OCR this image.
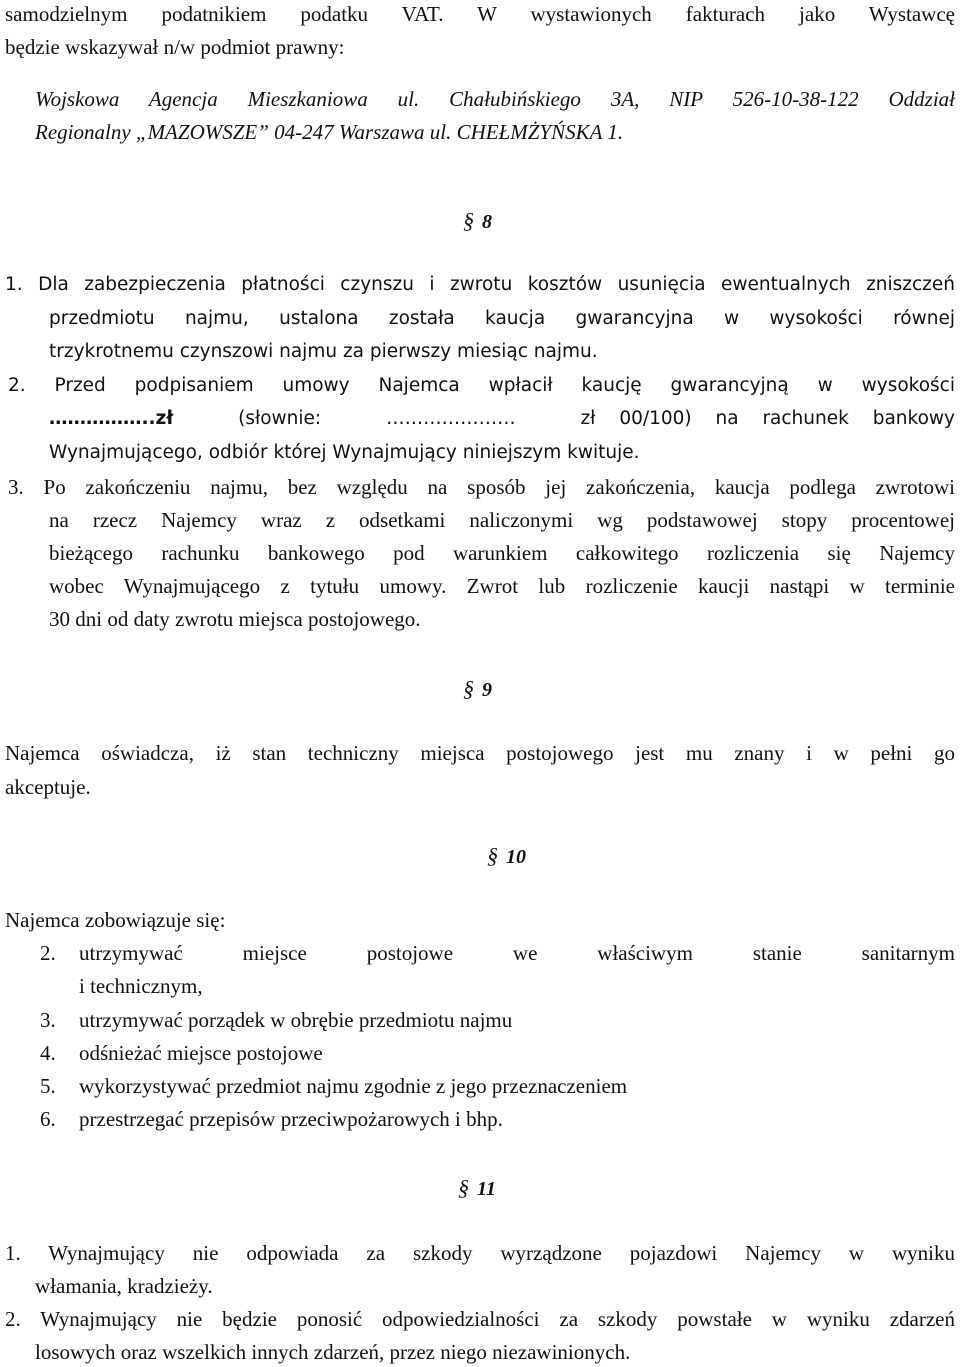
samodzielnym podatnikiem podatku VAT. W wystawionych fakturach jako Wystawcę
będzie wskazywał n/w podmiot prawny:
Wojskowa Agencja Mieszkaniowa ul. Chałubińskiego 3A, NIP 526-10-38-122 Oddział
Regionalny „MAZOWSZE” 04-247 Warszawa ul. CHEŁMŻYŃSKA 1.
§ 8
1. Dla zabezpieczenia płatności czynszu i zwrotu kosztów usunięcia ewentualnych zniszczeń
przedmiotu najmu, ustalona została kaucja gwarancyjna w wysokości równej
trzykrotnemu czynszowi najmu za pierwszy miesiąc najmu.
2. Przed podpisaniem umowy Najemca wpłacił kaucję gwarancyjną w wysokości
……………..zł	(słownie:	…………………	zł 00/100) na rachunek bankowy
Wynajmującego, odbiór której Wynajmujący niniejszym kwituje.
3. Po zakończeniu najmu, bez względu na sposób jej zakończenia, kaucja podlega zwrotowi
na rzecz Najemcy wraz z odsetkami naliczonymi wg podstawowej stopy procentowej
bieżącego rachunku bankowego pod warunkiem całkowitego rozliczenia się Najemcy
wobec Wynajmującego z tytułu umowy. Zwrot lub rozliczenie kaucji nastąpi w terminie
30 dni od daty zwrotu miejsca postojowego.
§ 9
Najemca oświadcza, iż stan techniczny miejsca postojowego jest mu znany i w pełni go
akceptuje.
§ 10
Najemca zobowiązuje się:
2. utrzymywać miejsce postojowe we właściwym stanie sanitarnym
i technicznym,
3. utrzymywać porządek w obrębie przedmiotu najmu
4. odśnieżać miejsce postojowe
5. wykorzystywać przedmiot najmu zgodnie z jego przeznaczeniem
6. przestrzegać przepisów przeciwpożarowych i bhp.
§ 11
1. Wynajmujący nie odpowiada za szkody wyrządzone pojazdowi Najemcy w wyniku
włamania, kradzieży.
2. Wynajmujący nie będzie ponosić odpowiedzialności za szkody powstałe w wyniku zdarzeń
losowych oraz wszelkich innych zdarzeń, przez niego niezawinionych.
